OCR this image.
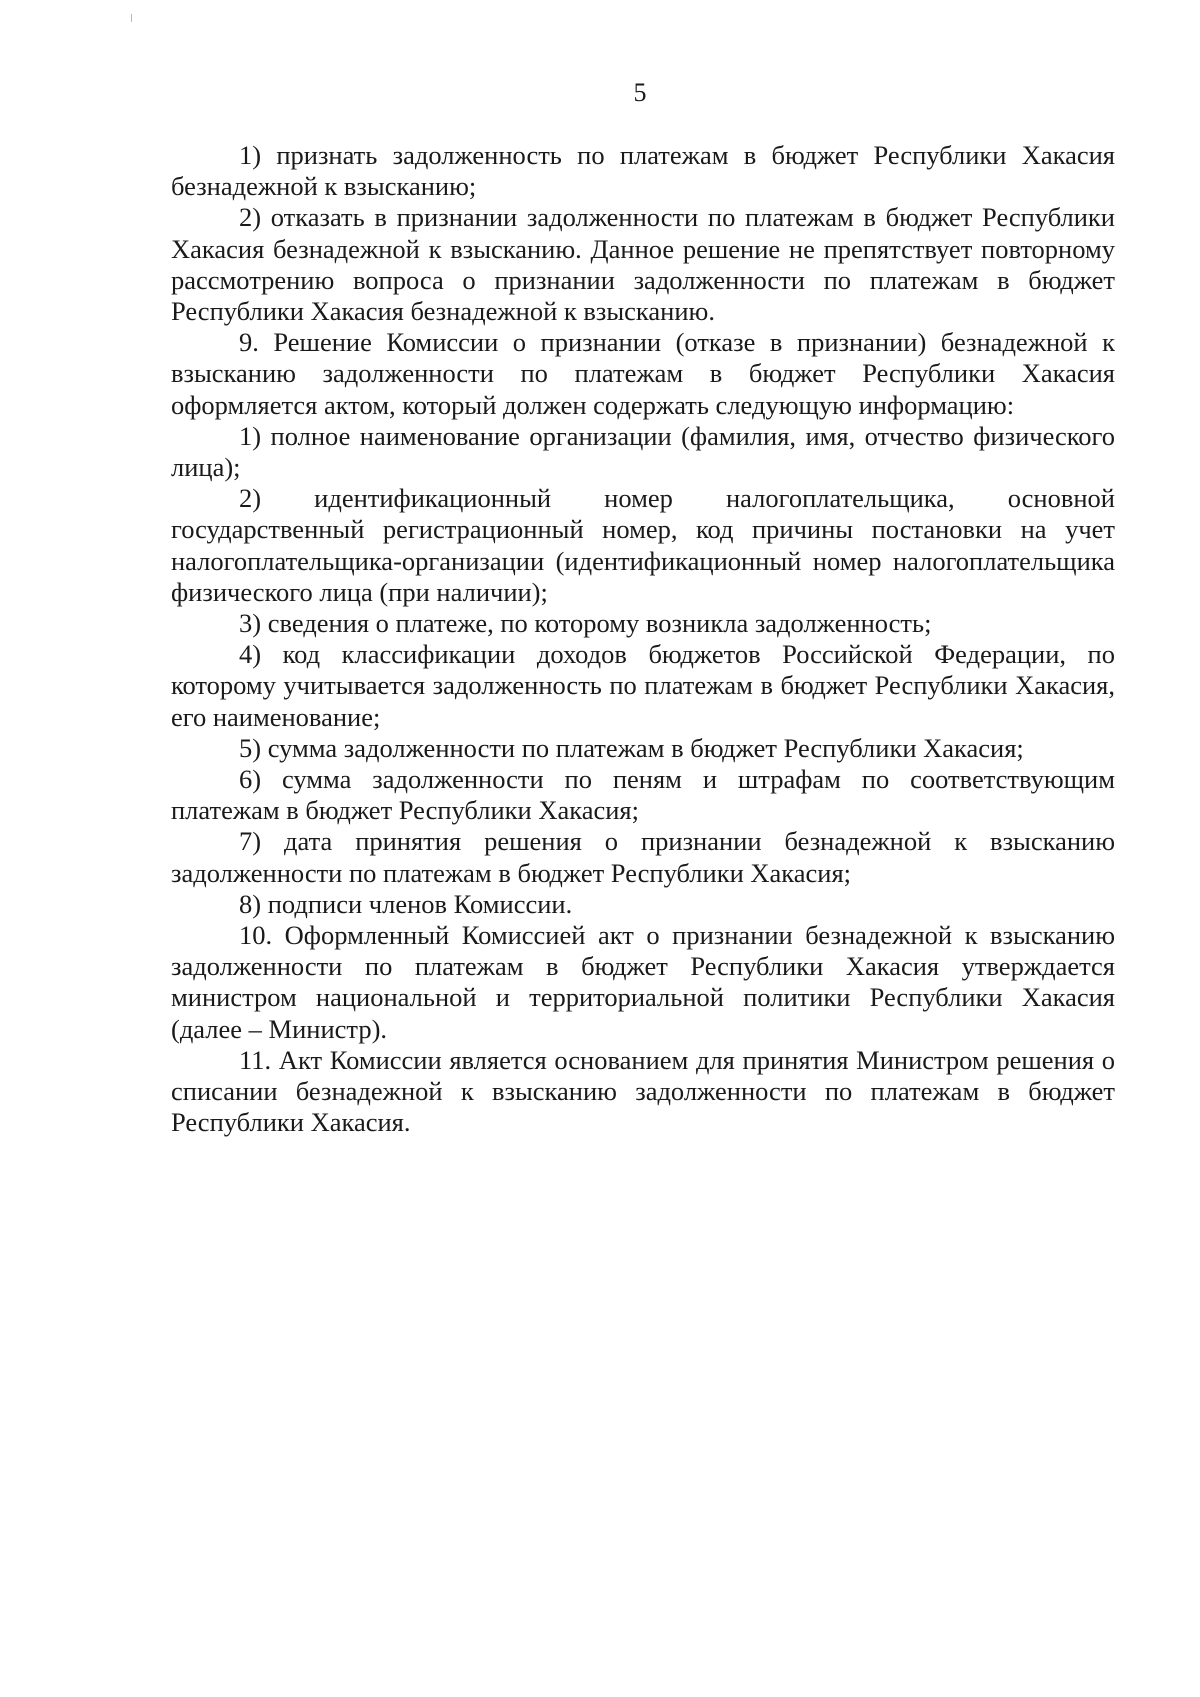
5

1) признать задолженность по платежам в бюджет Республики Хакасия безнадежной к взысканию;

2) отказать в признании задолженности по платежам в бюджет Республики Хакасия безнадежной к взысканию. Данное решение не препятствует повторному рассмотрению вопроса о признании задолженности по платежам в бюджет Республики Хакасия безнадежной к взысканию.

9. Решение Комиссии о признании (отказе в признании) безнадежной к взысканию задолженности по платежам в бюджет Республики Хакасия оформляется актом, который должен содержать следующую информацию:

1) полное наименование организации (фамилия, имя, отчество физического лица);

2) идентификационный номер налогоплательщика, основной государственный регистрационный номер, код причины постановки на учет налогоплательщика-организации (идентификационный номер налогоплательщика физического лица (при наличии);

3) сведения о платеже, по которому возникла задолженность;

4) код классификации доходов бюджетов Российской Федерации, по которому учитывается задолженность по платежам в бюджет Республики Хакасия, его наименование;

5) сумма задолженности по платежам в бюджет Республики Хакасия;

6) сумма задолженности по пеням и штрафам по соответствующим платежам в бюджет Республики Хакасия;

7) дата принятия решения о признании безнадежной к взысканию задолженности по платежам в бюджет Республики Хакасия;

8) подписи членов Комиссии.

10. Оформленный Комиссией акт о признании безнадежной к взысканию задолженности по платежам в бюджет Республики Хакасия утверждается министром национальной и территориальной политики Республики Хакасия (далее – Министр).

11. Акт Комиссии является основанием для принятия Министром решения о списании безнадежной к взысканию задолженности по платежам в бюджет Республики Хакасия.
